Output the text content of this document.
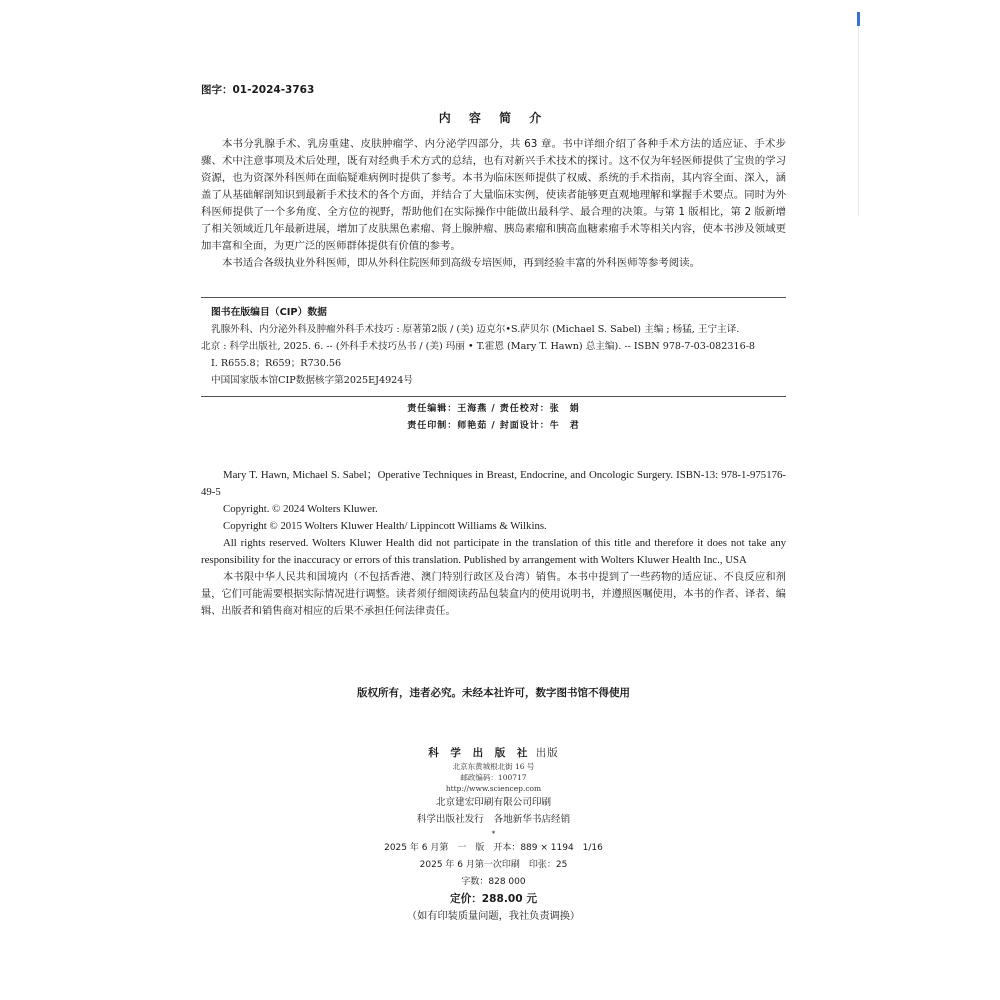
图字：01-2024-3763
内 容 简 介

本书分乳腺手术、乳房重建、皮肤肿瘤学、内分泌学四部分，共 63 章。书中详细介绍了各种手术方法的适应证、手术步骤、术中注意事项及术后处理，既有对经典手术方式的总结，也有对新兴手术技术的探讨。这不仅为年轻医师提供了宝贵的学习资源，也为资深外科医师在面临疑难病例时提供了参考。本书为临床医师提供了权威、系统的手术指南，其内容全面、深入，涵盖了从基础解剖知识到最新手术技术的各个方面，并结合了大量临床实例，使读者能够更直观地理解和掌握手术要点。同时为外科医师提供了一个多角度、全方位的视野，帮助他们在实际操作中能做出最科学、最合理的决策。与第 1 版相比，第 2 版新增了相关领域近几年最新进展，增加了皮肤黑色素瘤、肾上腺肿瘤、胰岛素瘤和胰高血糖素瘤手术等相关内容，使本书涉及领域更加丰富和全面，为更广泛的医师群体提供有价值的参考。

本书适合各级执业外科医师，即从外科住院医师到高级专培医师，再到经验丰富的外科医师等参考阅读。

图书在版编目（CIP）数据
乳腺外科、内分泌外科及肿瘤外科手术技巧 : 原著第2版 / (美) 迈克尔•S.萨贝尔 (Michael S. Sabel) 主编 ; 杨猛, 王宁主译.
北京 : 科学出版社, 2025. 6. -- (外科手术技巧丛书 / (美) 玛丽 • T.霍恩 (Mary T. Hawn) 总主编). -- ISBN 978-7-03-082316-8
Ⅰ. R655.8；R659；R730.56
中国国家版本馆CIP数据核字第2025EJ4924号
责任编辑：王海燕 / 责任校对：张　娟
责任印制：师艳茹 / 封面设计：牛　君

Mary T. Hawn, Michael S. Sabel；Operative Techniques in Breast, Endocrine, and Oncologic Surgery. ISBN-13: 978-1-975176-49-5

Copyright. © 2024 Wolters Kluwer.

Copyright © 2015 Wolters Kluwer Health/ Lippincott Williams & Wilkins.

All rights reserved. Wolters Kluwer Health did not participate in the translation of this title and therefore it does not take any responsibility for the inaccuracy or errors of this translation. Published by arrangement with Wolters Kluwer Health Inc., USA

本书限中华人民共和国境内（不包括香港、澳门特别行政区及台湾）销售。本书中提到了一些药物的适应证、不良反应和剂量，它们可能需要根据实际情况进行调整。读者须仔细阅读药品包装盒内的使用说明书，并遵照医嘱使用，本书的作者、译者、编辑、出版者和销售商对相应的后果不承担任何法律责任。

版权所有，违者必究。未经本社许可，数字图书馆不得使用
科 学 出 版 社 出版
北京东黄城根北街 16 号
邮政编码：100717
http://www.sciencep.com
北京建宏印刷有限公司印刷
科学出版社发行　各地新华书店经销
*
2025 年 6 月第　一　版　开本：889 × 1194　1/16
2025 年 6 月第一次印刷　印张：25
字数：828 000
定价：288.00 元
（如有印装质量问题，我社负责调换）
